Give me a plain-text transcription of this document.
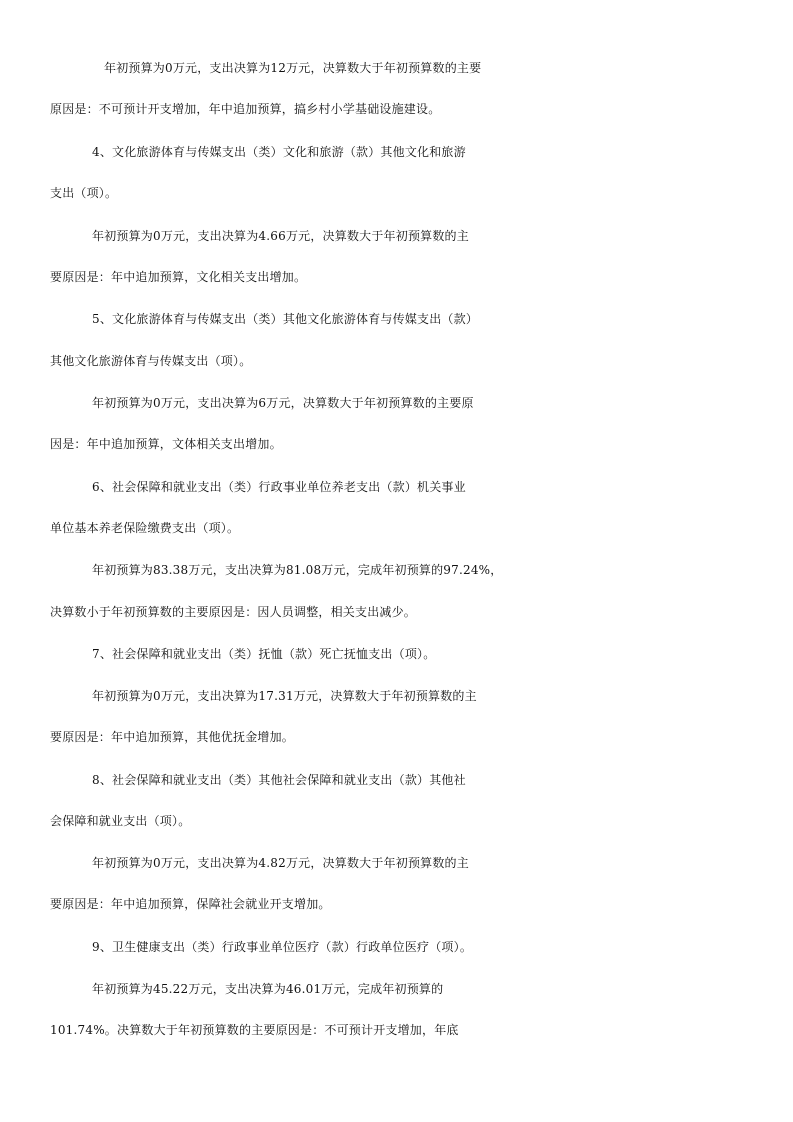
年初预算为0万元，支出决算为12万元，决算数大于年初预算数的主要

原因是：不可预计开支增加，年中追加预算，搞乡村小学基础设施建设。

4、文化旅游体育与传媒支出（类）文化和旅游（款）其他文化和旅游

支出（项）。

年初预算为0万元，支出决算为4.66万元，决算数大于年初预算数的主

要原因是：年中追加预算，文化相关支出增加。

5、文化旅游体育与传媒支出（类）其他文化旅游体育与传媒支出（款）

其他文化旅游体育与传媒支出（项）。

年初预算为0万元，支出决算为6万元，决算数大于年初预算数的主要原

因是：年中追加预算，文体相关支出增加。

6、社会保障和就业支出（类）行政事业单位养老支出（款）机关事业

单位基本养老保险缴费支出（项）。

年初预算为83.38万元，支出决算为81.08万元，完成年初预算的97.24%，

决算数小于年初预算数的主要原因是：因人员调整，相关支出减少。

7、社会保障和就业支出（类）抚恤（款）死亡抚恤支出（项）。

年初预算为0万元，支出决算为17.31万元，决算数大于年初预算数的主

要原因是：年中追加预算，其他优抚金增加。

8、社会保障和就业支出（类）其他社会保障和就业支出（款）其他社

会保障和就业支出（项）。

年初预算为0万元，支出决算为4.82万元，决算数大于年初预算数的主

要原因是：年中追加预算，保障社会就业开支增加。

9、卫生健康支出（类）行政事业单位医疗（款）行政单位医疗（项）。

年初预算为45.22万元，支出决算为46.01万元，完成年初预算的

101.74%。决算数大于年初预算数的主要原因是：不可预计开支增加，年底
